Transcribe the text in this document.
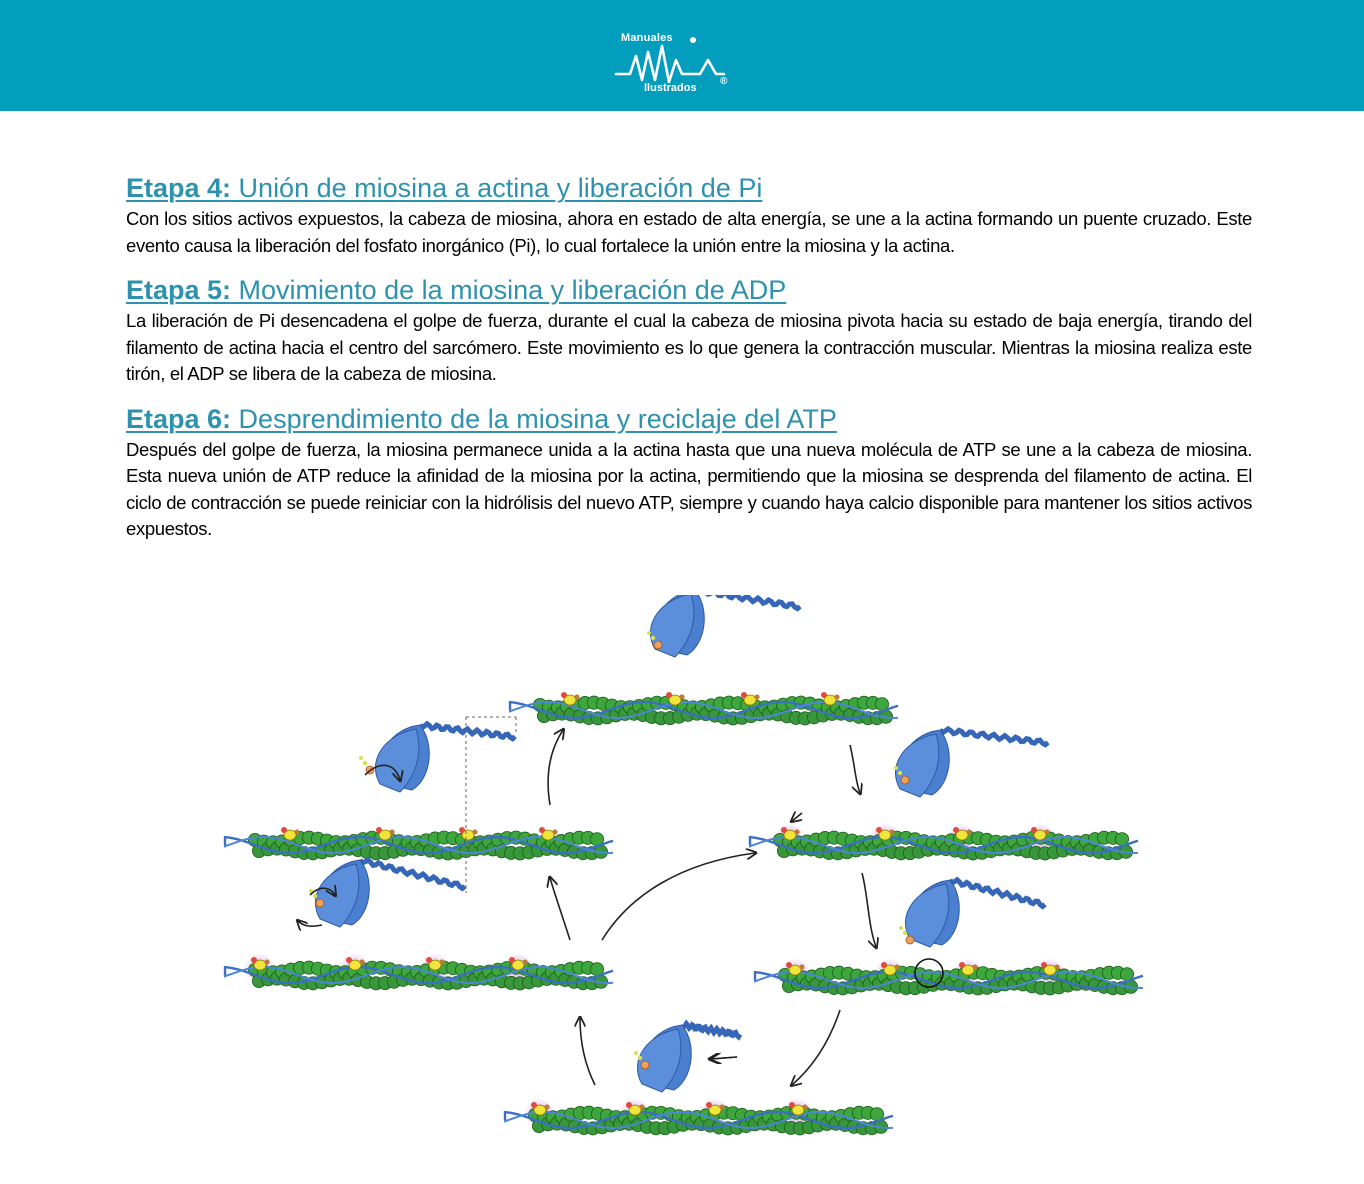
Manuales
Ilustrados
®
Etapa 4: Unión de miosina a actina y liberación de Pi
Con los sitios activos expuestos, la cabeza de miosina, ahora en estado de alta energía, se une a la actina formando un puente cruzado. Este evento causa la liberación del fosfato inorgánico (Pi), lo cual fortalece la unión entre la miosina y la actina.
Etapa 5: Movimiento de la miosina y liberación de ADP
La liberación de Pi desencadena el golpe de fuerza, durante el cual la cabeza de miosina pivota hacia su estado de baja energía, tirando del filamento de actina hacia el centro del sarcómero. Este movimiento es lo que genera la contracción muscular. Mientras la miosina realiza este tirón, el ADP se libera de la cabeza de miosina.
Etapa 6: Desprendimiento de la miosina y reciclaje del ATP
Después del golpe de fuerza, la miosina permanece unida a la actina hasta que una nueva molécula de ATP se une a la cabeza de miosina. Esta nueva unión de ATP reduce la afinidad de la miosina por la actina, permitiendo que la miosina se desprenda del filamento de actina. El ciclo de contracción se puede reiniciar con la hidrólisis del nuevo ATP, siempre y cuando haya calcio disponible para mantener los sitios activos expuestos.
